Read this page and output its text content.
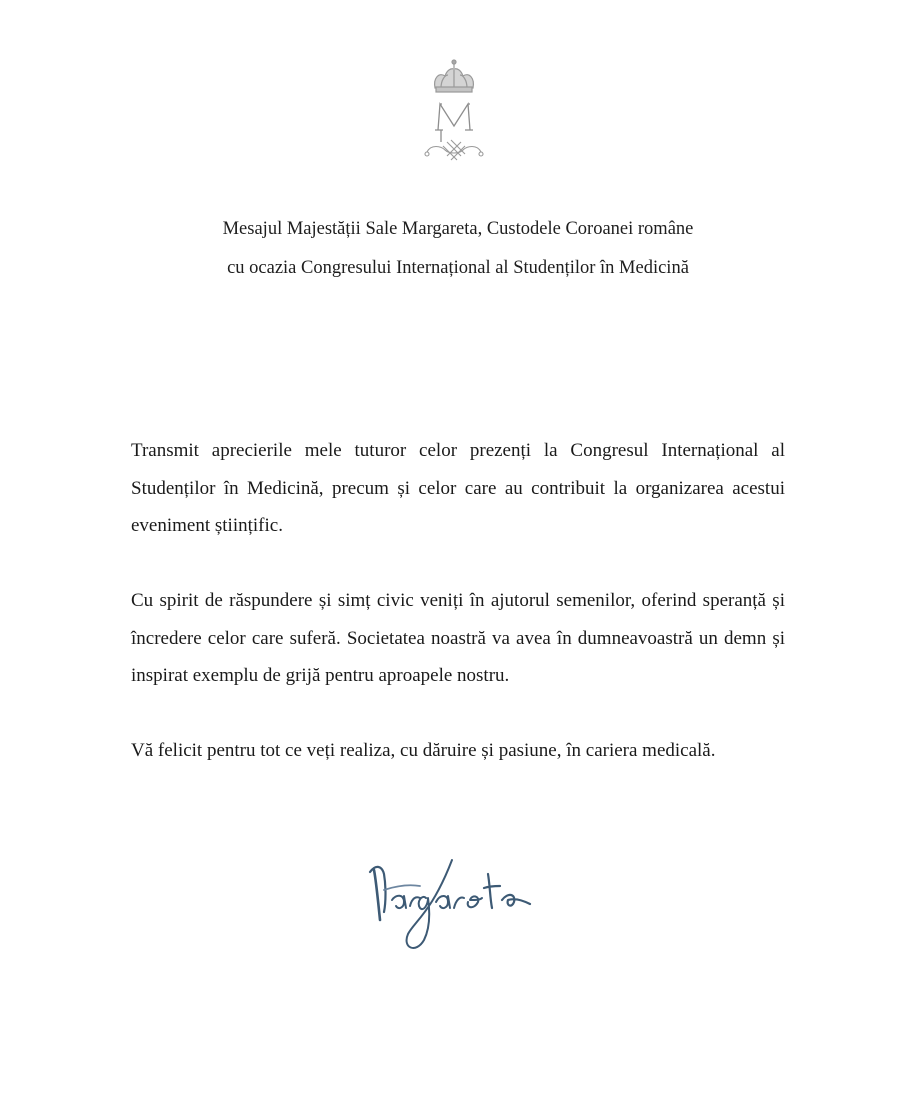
Mesajul Majestății Sale Margareta, Custodele Coroanei române
cu ocazia Congresului Internațional al Studenților în Medicină

Transmit aprecierile mele tuturor celor prezenți la Congresul Internațional al Studenților în Medicină, precum și celor care au contribuit la organizarea acestui eveniment științific.

Cu spirit de răspundere și simț civic veniți în ajutorul semenilor, oferind speranță și încredere celor care suferă. Societatea noastră va avea în dumneavoastră un demn și inspirat exemplu de grijă pentru aproapele nostru.

Vă felicit pentru tot ce veți realiza, cu dăruire și pasiune, în cariera medicală.
